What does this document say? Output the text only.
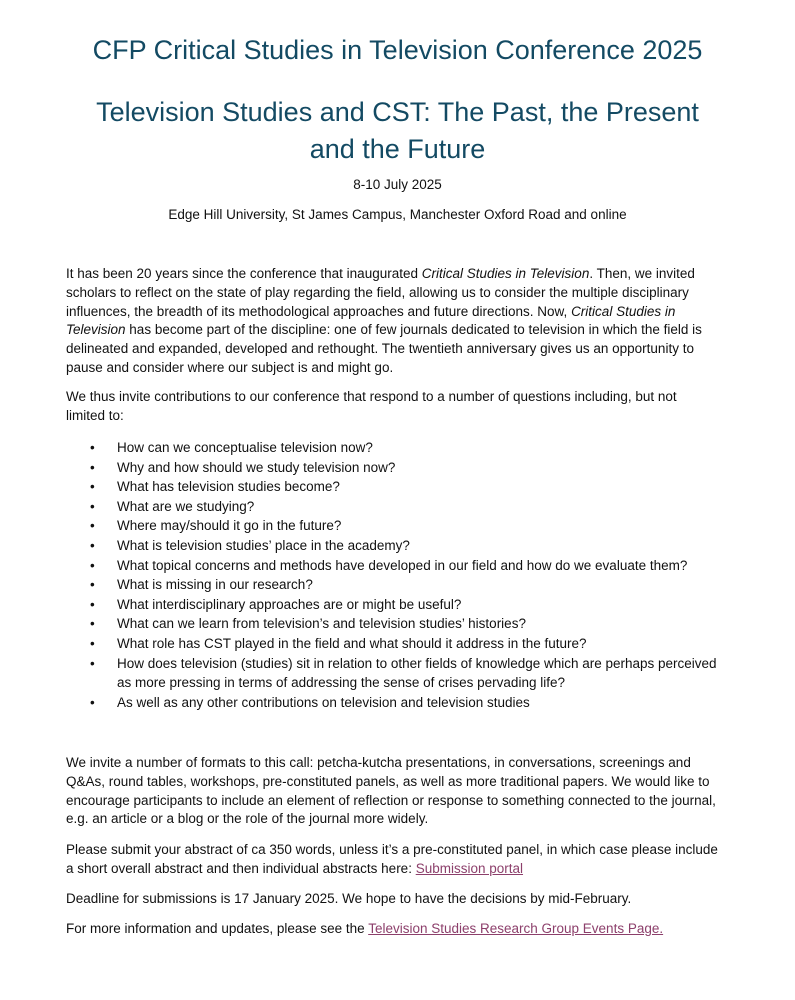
CFP Critical Studies in Television Conference 2025
Television Studies and CST: The Past, the Present and the Future

8-10 July 2025

Edge Hill University, St James Campus, Manchester Oxford Road and online

It has been 20 years since the conference that inaugurated Critical Studies in Television. Then, we invited scholars to reflect on the state of play regarding the field, allowing us to consider the multiple disciplinary influences, the breadth of its methodological approaches and future directions. Now, Critical Studies in Television has become part of the discipline: one of few journals dedicated to television in which the field is delineated and expanded, developed and rethought. The twentieth anniversary gives us an opportunity to pause and consider where our subject is and might go.

We thus invite contributions to our conference that respond to a number of questions including, but not limited to:

• How can we conceptualise television now?
• Why and how should we study television now?
• What has television studies become?
• What are we studying?
• Where may/should it go in the future?
• What is television studies’ place in the academy?
• What topical concerns and methods have developed in our field and how do we evaluate them?
• What is missing in our research?
• What interdisciplinary approaches are or might be useful?
• What can we learn from television’s and television studies’ histories?
• What role has CST played in the field and what should it address in the future?
• How does television (studies) sit in relation to other fields of knowledge which are perhaps perceived as more pressing in terms of addressing the sense of crises pervading life?
• As well as any other contributions on television and television studies

We invite a number of formats to this call: petcha-kutcha presentations, in conversations, screenings and Q&As, round tables, workshops, pre-constituted panels, as well as more traditional papers. We would like to encourage participants to include an element of reflection or response to something connected to the journal, e.g. an article or a blog or the role of the journal more widely.

Please submit your abstract of ca 350 words, unless it’s a pre-constituted panel, in which case please include a short overall abstract and then individual abstracts here: Submission portal

Deadline for submissions is 17 January 2025. We hope to have the decisions by mid-February.

For more information and updates, please see the Television Studies Research Group Events Page.
